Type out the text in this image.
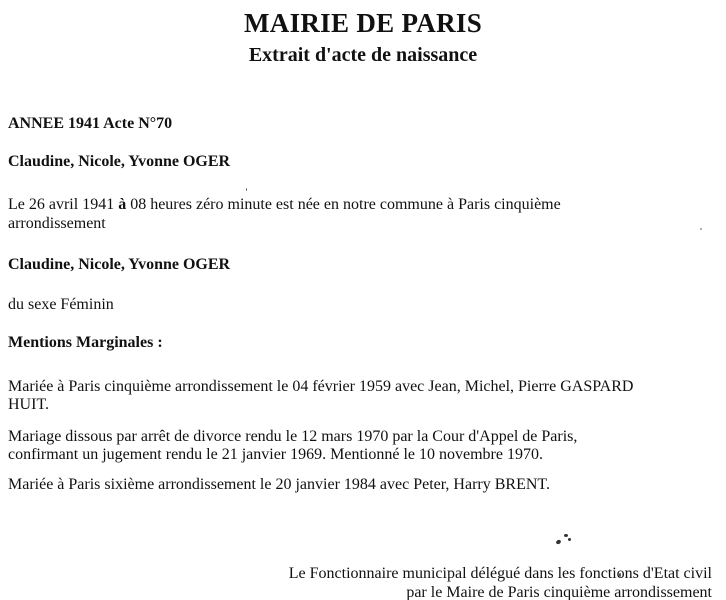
MAIRIE DE PARIS
Extrait d'acte de naissance
ANNEE 1941 Acte N°70
Claudine, Nicole, Yvonne OGER
Le 26 avril 1941 à 08 heures zéro minute est née en notre commune à Paris cinquième
arrondissement
Claudine, Nicole, Yvonne OGER
du sexe Féminin
Mentions Marginales :
Mariée à Paris cinquième arrondissement le 04 février 1959 avec Jean, Michel, Pierre GASPARD
HUIT.
Mariage dissous par arrêt de divorce rendu le 12 mars 1970 par la Cour d'Appel de Paris,
confirmant un jugement rendu le 21 janvier 1969. Mentionné le 10 novembre 1970.
Mariée à Paris sixième arrondissement le 20 janvier 1984 avec Peter, Harry BRENT.
Le Fonctionnaire municipal délégué dans les fonctions d'Etat civil
par le Maire de Paris cinquième arrondissement
